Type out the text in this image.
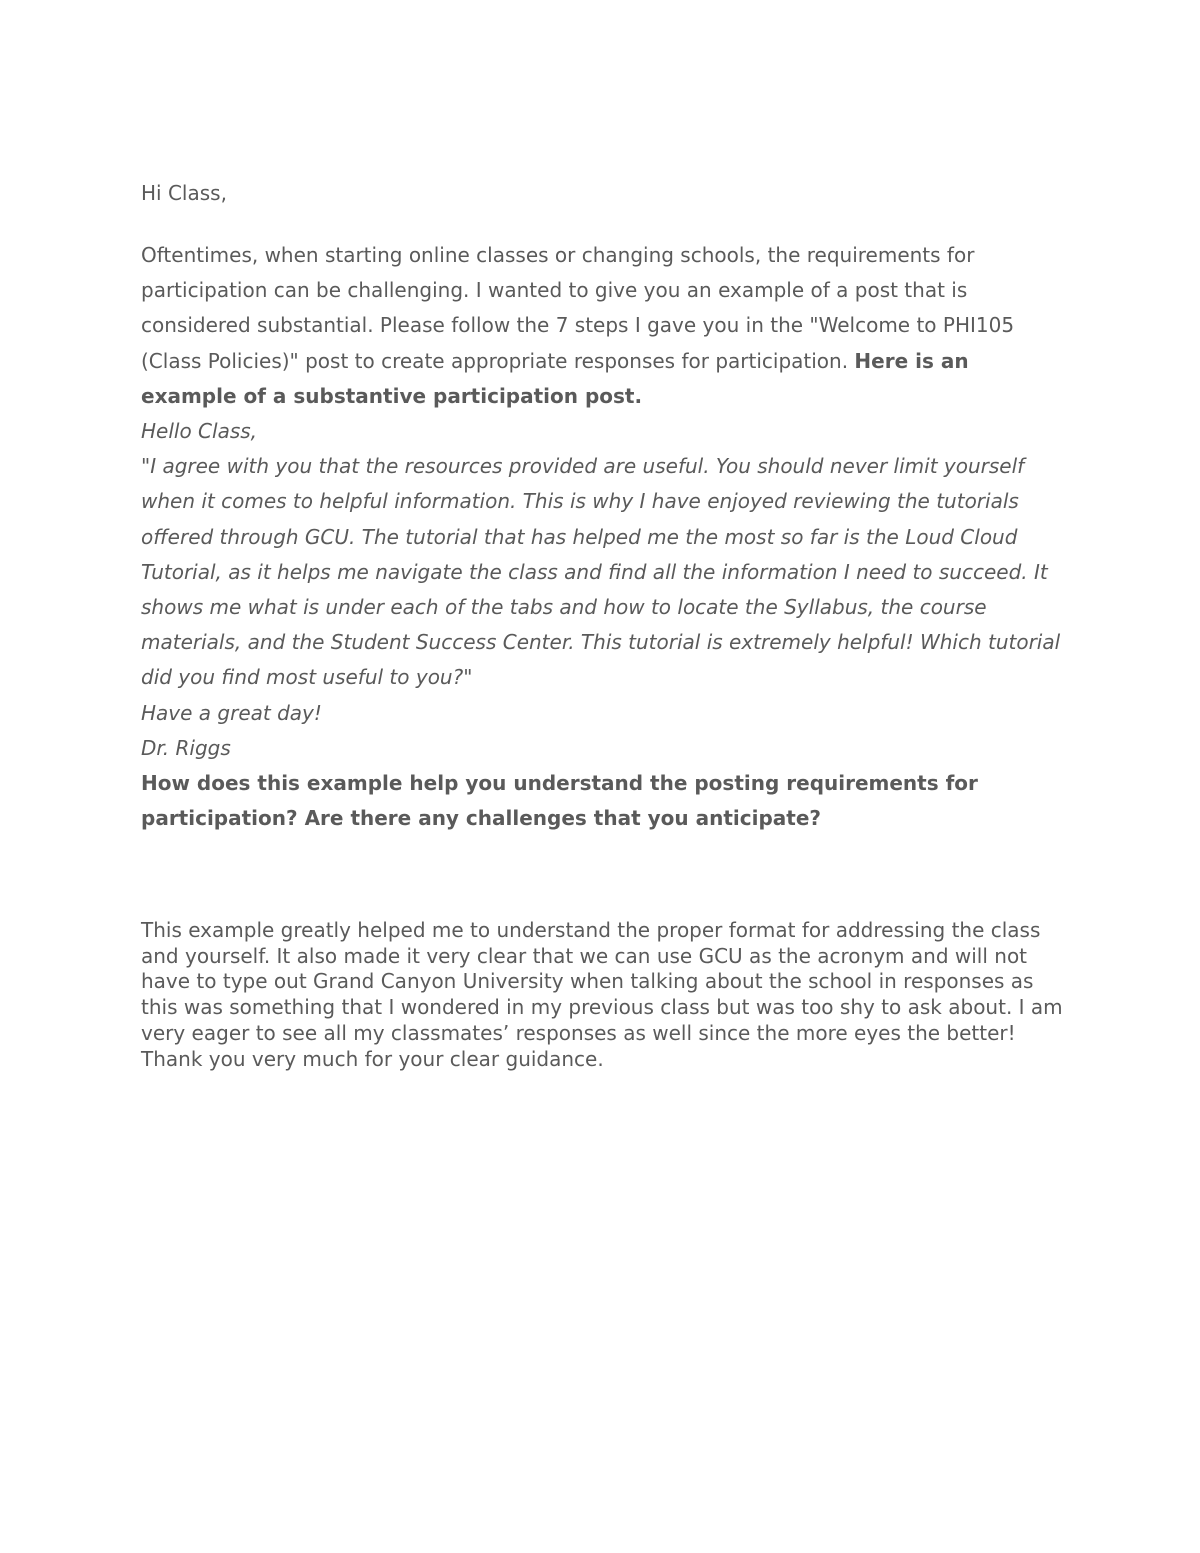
Hi Class,

Oftentimes, when starting online classes or changing schools, the requirements for participation can be challenging. I wanted to give you an example of a post that is considered substantial. Please follow the 7 steps I gave you in the "Welcome to PHI105 (Class Policies)" post to create appropriate responses for participation. Here is an example of a substantive participation post.

Hello Class,

"I agree with you that the resources provided are useful. You should never limit yourself when it comes to helpful information. This is why I have enjoyed reviewing the tutorials offered through GCU. The tutorial that has helped me the most so far is the Loud Cloud Tutorial, as it helps me navigate the class and find all the information I need to succeed. It shows me what is under each of the tabs and how to locate the Syllabus, the course materials, and the Student Success Center. This tutorial is extremely helpful! Which tutorial did you find most useful to you?"

Have a great day!

Dr. Riggs

How does this example help you understand the posting requirements for participation? Are there any challenges that you anticipate?

This example greatly helped me to understand the proper format for addressing the class and yourself. It also made it very clear that we can use GCU as the acronym and will not have to type out Grand Canyon University when talking about the school in responses as this was something that I wondered in my previous class but was too shy to ask about. I am very eager to see all my classmates’ responses as well since the more eyes the better! Thank you very much for your clear guidance.
